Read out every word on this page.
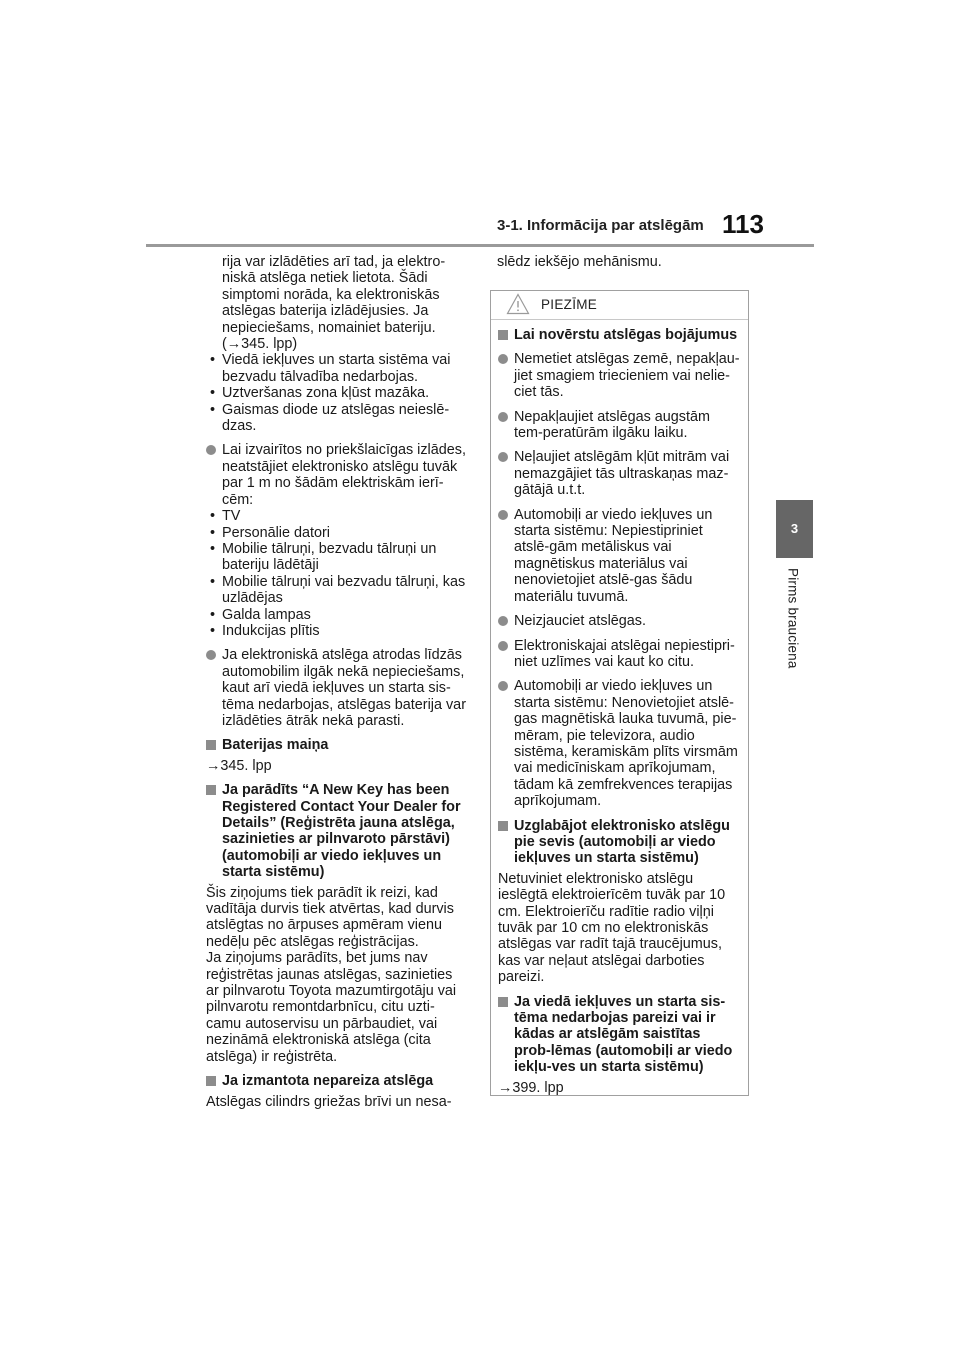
3-1. Informācija par atslēgām 113
3
Pirms brauciena

rija var izlādēties arī tad, ja elektro-niskā atslēga netiek lietota. Šādi simptomi norāda, ka elektroniskās atslēgas baterija izlādējusies. Ja nepieciešams, nomainiet bateriju. (→345. lpp)

• Viedā iekļuves un starta sistēma vai bezvadu tālvadība nedarbojas.
• Uztveršanas zona kļūst mazāka.
• Gaismas diode uz atslēgas neieslē-dzas.
Lai izvairītos no priekšlaicīgas izlādes, neatstājiet elektronisko atslēgu tuvāk par 1 m no šādām elektriskām ierī-cēm:
• TV
• Personālie datori
• Mobilie tālruņi, bezvadu tālruņi un bateriju lādētāji
• Mobilie tālruņi vai bezvadu tālruņi, kas uzlādējas
• Galda lampas
• Indukcijas plītis
Ja elektroniskā atslēga atrodas līdzās automobilim ilgāk nekā nepieciešams, kaut arī viedā iekļuves un starta sis-tēma nedarbojas, atslēgas baterija var izlādēties ātrāk nekā parasti.
Baterijas maiņa

→345. lpp

Ja parādīts “A New Key has been Registered Contact Your Dealer for Details” (Reģistrēta jauna atslēga, sazinieties ar pilnvaroto pārstāvi) (automobiļi ar viedo iekļuves un starta sistēmu)

Šis ziņojums tiek parādīt ik reizi, kad vadītāja durvis tiek atvērtas, kad durvis atslēgtas no ārpuses apmēram vienu nedēļu pēc atslēgas reģistrācijas.

Ja ziņojums parādīts, bet jums nav reģistrētas jaunas atslēgas, sazinieties ar pilnvarotu Toyota mazumtirgotāju vai pilnvarotu remontdarbnīcu, citu uzti-camu autoservisu un pārbaudiet, vai nezināmā elektroniskā atslēga (cita atslēga) ir reģistrēta.

Ja izmantota nepareiza atslēga

Atslēgas cilindrs griežas brīvi un nesa-

slēdz iekšējo mehānismu.

PIEZĪME
Lai novērstu atslēgas bojājumus
Nemetiet atslēgas zemē, nepakļau-jiet smagiem triecieniem vai nelie-ciet tās.
Nepakļaujiet atslēgas augstām tem-peratūrām ilgāku laiku.
Neļaujiet atslēgām kļūt mitrām vai nemazgājiet tās ultraskaņas maz-gātājā u.t.t.
Automobiļi ar viedo iekļuves un starta sistēmu: Nepiestipriniet atslē-gām metāliskus vai magnētiskus materiālus vai nenovietojiet atslē-gas šādu materiālu tuvumā.
Neizjauciet atslēgas.
Elektroniskajai atslēgai nepiestipri-niet uzlīmes vai kaut ko citu.
Automobiļi ar viedo iekļuves un starta sistēmu: Nenovietojiet atslē-gas magnētiskā lauka tuvumā, pie-mēram, pie televizora, audio sistēma, keramiskām plīts virsmām vai medicīniskam aprīkojumam, tādam kā zemfrekvences terapijas aprīkojumam.
Uzglabājot elektronisko atslēgu pie sevis (automobiļi ar viedo iekļuves un starta sistēmu)

Netuviniet elektronisko atslēgu ieslēgtā elektroierīcēm tuvāk par 10 cm. Elektroierīču radītie radio viļņi tuvāk par 10 cm no elektroniskās atslēgas var radīt tajā traucējumus, kas var neļaut atslēgai darboties pareizi.

Ja viedā iekļuves un starta sis-tēma nedarbojas pareizi vai ir kādas ar atslēgām saistītas prob-lēmas (automobiļi ar viedo iekļu-ves un starta sistēmu)

→399. lpp
